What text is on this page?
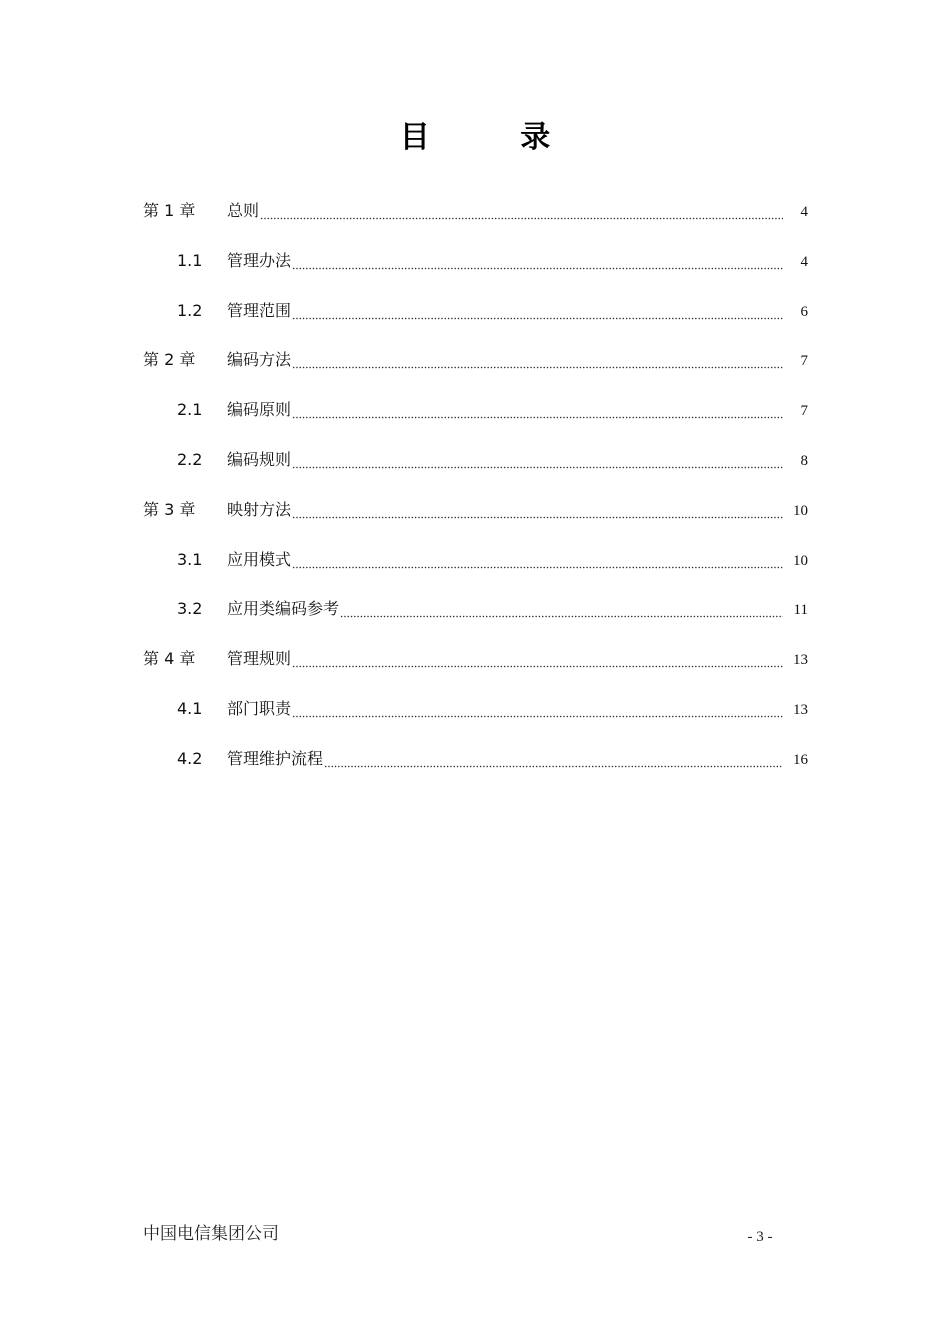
目 录
第 1 章	总则	4
1.1	管理办法	4
1.2	管理范围	6
第 2 章	编码方法	7
2.1	编码原则	7
2.2	编码规则	8
第 3 章	映射方法	10
3.1	应用模式	10
3.2	应用类编码参考	11
第 4 章	管理规则	13
4.1	部门职责	13
4.2	管理维护流程	16
中国电信集团公司	- 3 -
